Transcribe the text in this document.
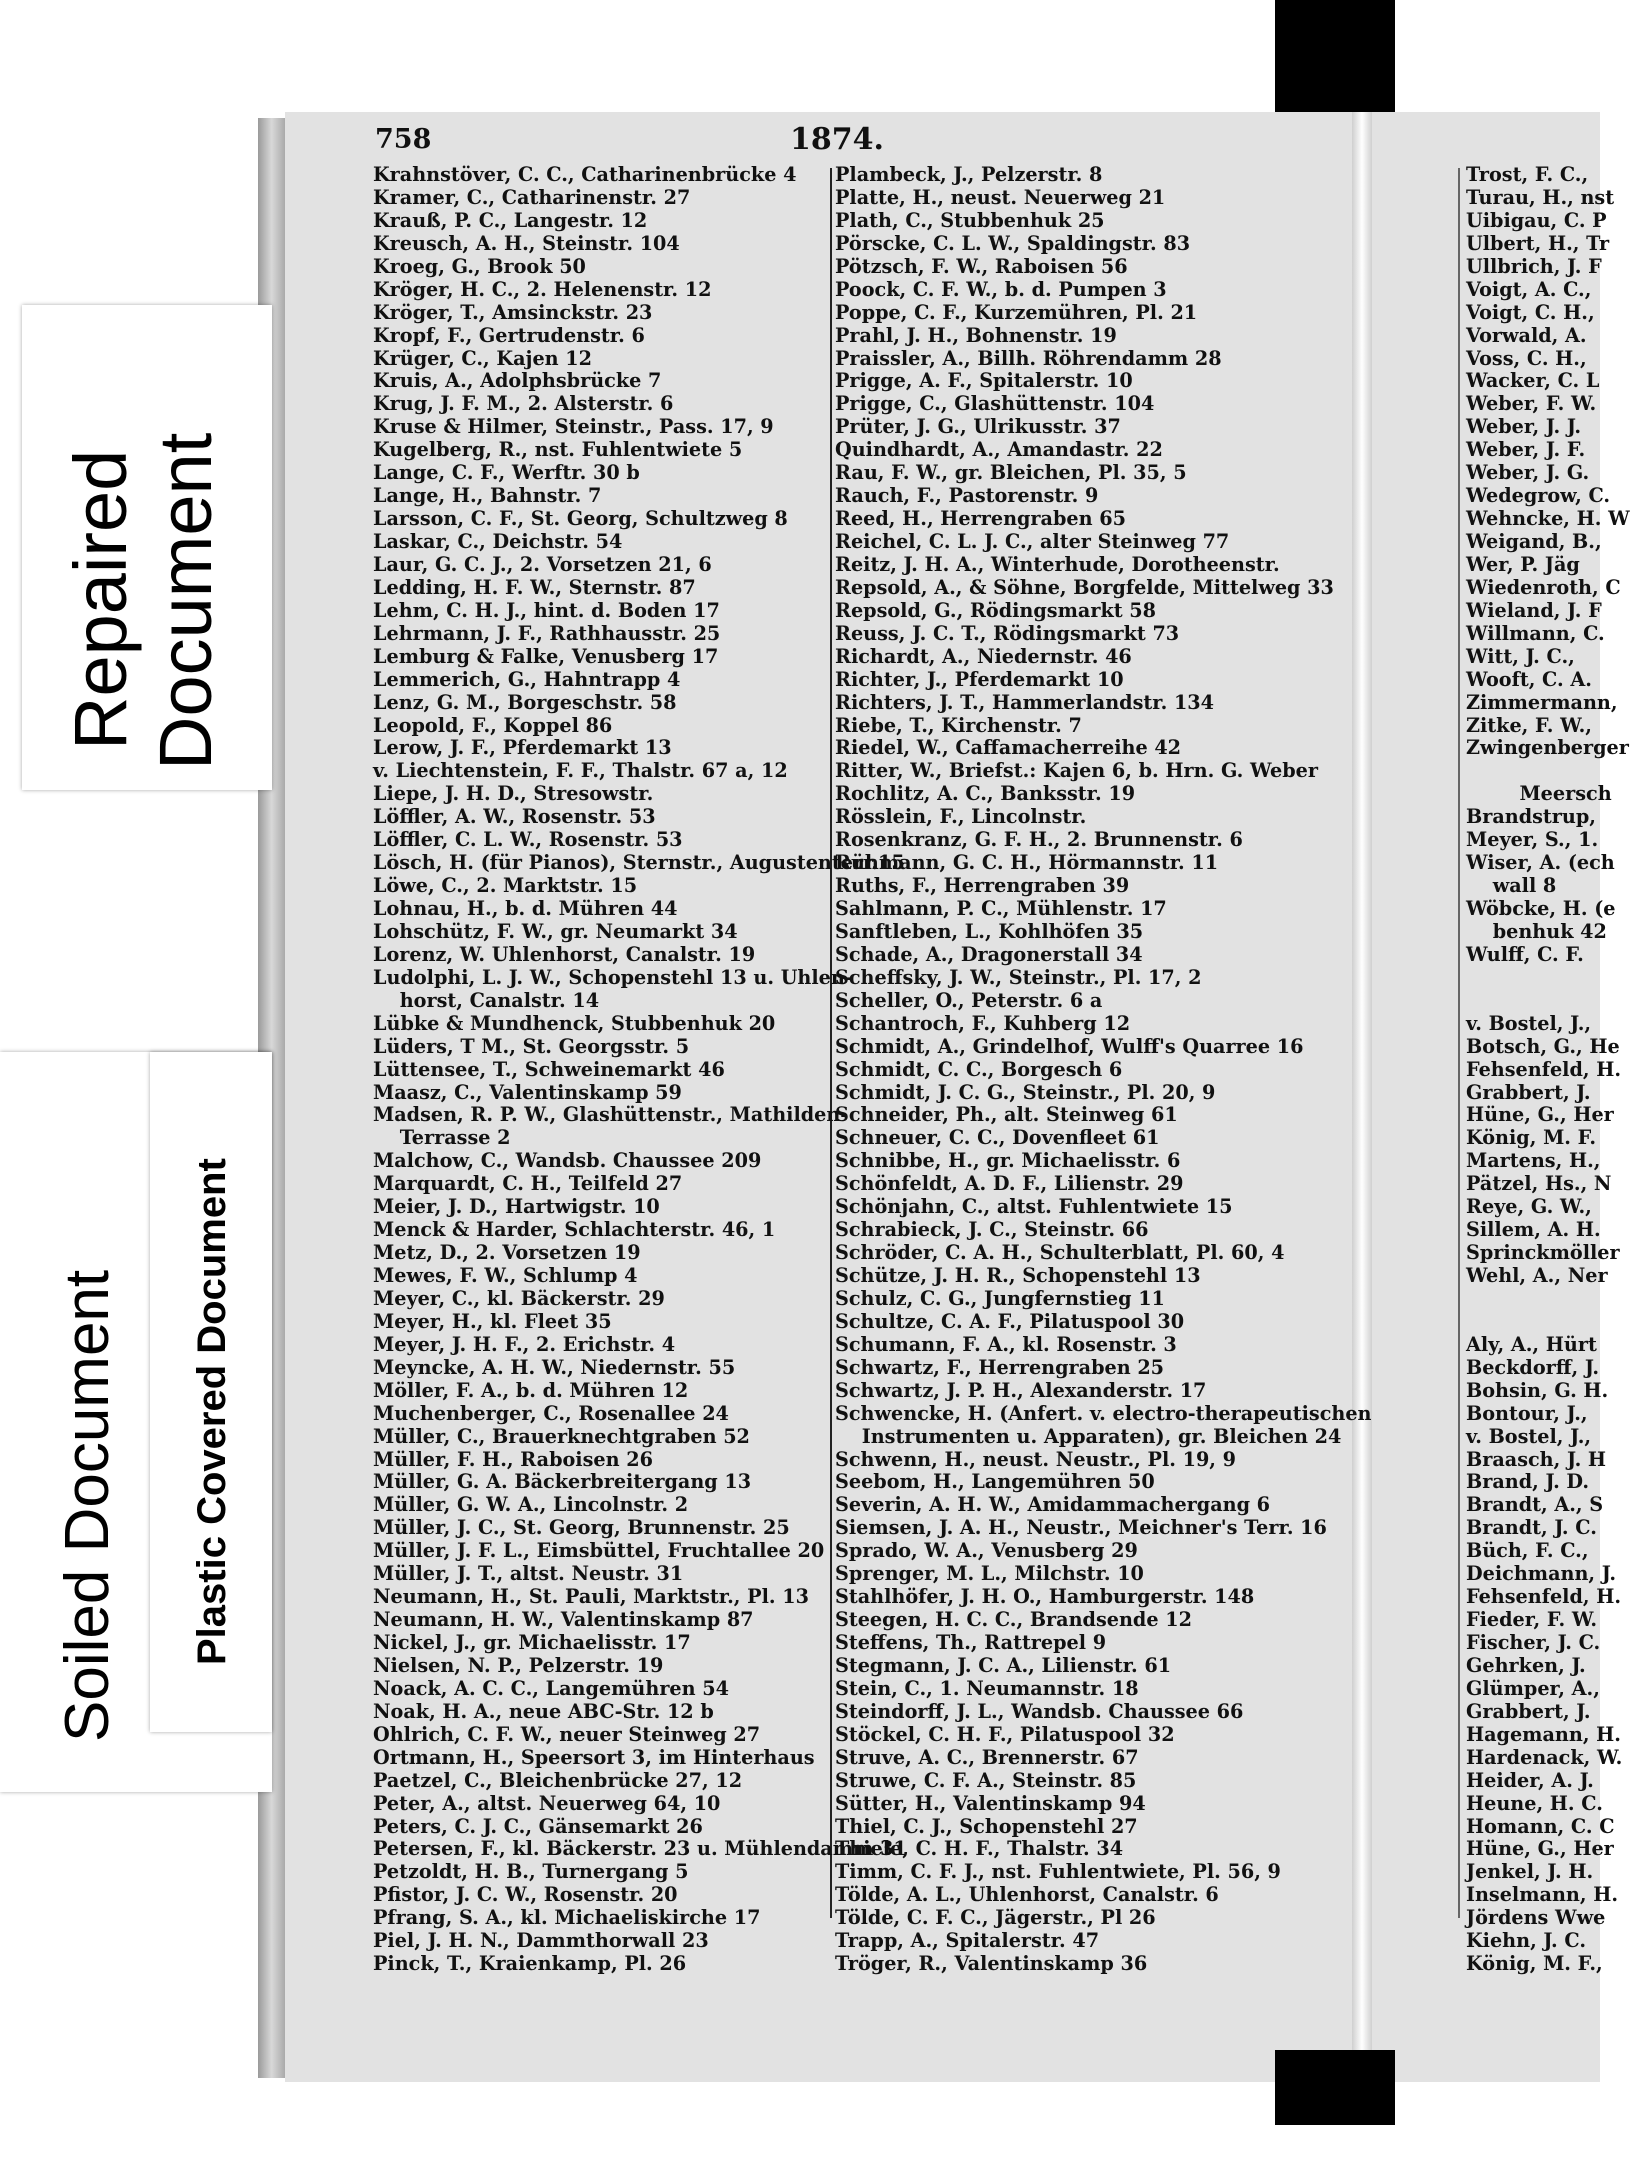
758	1874.
Krahnstöver, C. C., Catharinenbrücke 4
Kramer, C., Catharinenstr. 27
Krauß, P. C., Langestr. 12
Kreusch, A. H., Steinstr. 104
Kroeg, G., Brook 50
Kröger, H. C., 2. Helenenstr. 12
Kröger, T., Amsinckstr. 23
Kropf, F., Gertrudenstr. 6
Krüger, C., Kajen 12
Kruis, A., Adolphsbrücke 7
Krug, J. F. M., 2. Alsterstr. 6
Kruse & Hilmer, Steinstr., Pass. 17, 9
Kugelberg, R., nst. Fuhlentwiete 5
Lange, C. F., Werftr. 30 b
Lange, H., Bahnstr. 7
Larsson, C. F., St. Georg, Schultzweg 8
Laskar, C., Deichstr. 54
Laur, G. C. J., 2. Vorsetzen 21, 6
Ledding, H. F. W., Sternstr. 87
Lehm, C. H. J., hint. d. Boden 17
Lehrmann, J. F., Rathhausstr. 25
Lemburg & Falke, Venusberg 17
Lemmerich, G., Hahntrapp 4
Lenz, G. M., Borgeschstr. 58
Leopold, F., Koppel 86
Lerow, J. F., Pferdemarkt 13
v. Liechtenstein, F. F., Thalstr. 67 a, 12
Liepe, J. H. D., Stresowstr.
Löffler, A. W., Rosenstr. 53
Löffler, C. L. W., Rosenstr. 53
Lösch, H. (für Pianos), Sternstr., Augustenterr.15
Löwe, C., 2. Marktstr. 15
Lohnau, H., b. d. Mühren 44
Lohschütz, F. W., gr. Neumarkt 34
Lorenz, W. Uhlenhorst, Canalstr. 19
Ludolphi, L. J. W., Schopenstehl 13 u. Uhlen-
horst, Canalstr. 14
Lübke & Mundhenck, Stubbenhuk 20
Lüders, T M., St. Georgsstr. 5
Lüttensee, T., Schweinemarkt 46
Maasz, C., Valentinskamp 59
Madsen, R. P. W., Glashüttenstr., Mathilden-
Terrasse 2
Malchow, C., Wandsb. Chaussee 209
Marquardt, C. H., Teilfeld 27
Meier, J. D., Hartwigstr. 10
Menck & Harder, Schlachterstr. 46, 1
Metz, D., 2. Vorsetzen 19
Mewes, F. W., Schlump 4
Meyer, C., kl. Bäckerstr. 29
Meyer, H., kl. Fleet 35
Meyer, J. H. F., 2. Erichstr. 4
Meyncke, A. H. W., Niedernstr. 55
Möller, F. A., b. d. Mühren 12
Muchenberger, C., Rosenallee 24
Müller, C., Brauerknechtgraben 52
Müller, F. H., Raboisen 26
Müller, G. A. Bäckerbreitergang 13
Müller, G. W. A., Lincolnstr. 2
Müller, J. C., St. Georg, Brunnenstr. 25
Müller, J. F. L., Eimsbüttel, Fruchtallee 20
Müller, J. T., altst. Neustr. 31
Neumann, H., St. Pauli, Marktstr., Pl. 13
Neumann, H. W., Valentinskamp 87
Nickel, J., gr. Michaelisstr. 17
Nielsen, N. P., Pelzerstr. 19
Noack, A. C. C., Langemühren 54
Noak, H. A., neue ABC-Str. 12 b
Ohlrich, C. F. W., neuer Steinweg 27
Ortmann, H., Speersort 3, im Hinterhaus
Paetzel, C., Bleichenbrücke 27, 12
Peter, A., altst. Neuerweg 64, 10
Peters, C. J. C., Gänsemarkt 26
Petersen, F., kl. Bäckerstr. 23 u. Mühlendamm 31
Petzoldt, H. B., Turnergang 5
Pfistor, J. C. W., Rosenstr. 20
Pfrang, S. A., kl. Michaeliskirche 17
Piel, J. H. N., Dammthorwall 23
Pinck, T., Kraienkamp, Pl. 26
Plambeck, J., Pelzerstr. 8
Platte, H., neust. Neuerweg 21
Plath, C., Stubbenhuk 25
Pörscke, C. L. W., Spaldingstr. 83
Pötzsch, F. W., Raboisen 56
Poock, C. F. W., b. d. Pumpen 3
Poppe, C. F., Kurzemühren, Pl. 21
Prahl, J. H., Bohnenstr. 19
Praissler, A., Billh. Röhrendamm 28
Prigge, A. F., Spitalerstr. 10
Prigge, C., Glashüttenstr. 104
Prüter, J. G., Ulrikusstr. 37
Quindhardt, A., Amandastr. 22
Rau, F. W., gr. Bleichen, Pl. 35, 5
Rauch, F., Pastorenstr. 9
Reed, H., Herrengraben 65
Reichel, C. L. J. C., alter Steinweg 77
Reitz, J. H. A., Winterhude, Dorotheenstr.
Repsold, A., & Söhne, Borgfelde, Mittelweg 33
Repsold, G., Rödingsmarkt 58
Reuss, J. C. T., Rödingsmarkt 73
Richardt, A., Niedernstr. 46
Richter, J., Pferdemarkt 10
Richters, J. T., Hammerlandstr. 134
Riebe, T., Kirchenstr. 7
Riedel, W., Caffamacherreihe 42
Ritter, W., Briefst.: Kajen 6, b. Hrn. G. Weber
Rochlitz, A. C., Banksstr. 19
Rösslein, F., Lincolnstr.
Rosenkranz, G. F. H., 2. Brunnenstr. 6
Rühmann, G. C. H., Hörmannstr. 11
Ruths, F., Herrengraben 39
Sahlmann, P. C., Mühlenstr. 17
Sanftleben, L., Kohlhöfen 35
Schade, A., Dragonerstall 34
Scheffsky, J. W., Steinstr., Pl. 17, 2
Scheller, O., Peterstr. 6 a
Schantroch, F., Kuhberg 12
Schmidt, A., Grindelhof, Wulff's Quarree 16
Schmidt, C. C., Borgesch 6
Schmidt, J. C. G., Steinstr., Pl. 20, 9
Schneider, Ph., alt. Steinweg 61
Schneuer, C. C., Dovenfleet 61
Schnibbe, H., gr. Michaelisstr. 6
Schönfeldt, A. D. F., Lilienstr. 29
Schönjahn, C., altst. Fuhlentwiete 15
Schrabieck, J. C., Steinstr. 66
Schröder, C. A. H., Schulterblatt, Pl. 60, 4
Schütze, J. H. R., Schopenstehl 13
Schulz, C. G., Jungfernstieg 11
Schultze, C. A. F., Pilatuspool 30
Schumann, F. A., kl. Rosenstr. 3
Schwartz, F., Herrengraben 25
Schwartz, J. P. H., Alexanderstr. 17
Schwencke, H. (Anfert. v. electro-therapeutischen
Instrumenten u. Apparaten), gr. Bleichen 24
Schwenn, H., neust. Neustr., Pl. 19, 9
Seebom, H., Langemühren 50
Severin, A. H. W., Amidammachergang 6
Siemsen, J. A. H., Neustr., Meichner's Terr. 16
Sprado, W. A., Venusberg 29
Sprenger, M. L., Milchstr. 10
Stahlhöfer, J. H. O., Hamburgerstr. 148
Steegen, H. C. C., Brandsende 12
Steffens, Th., Rattrepel 9
Stegmann, J. C. A., Lilienstr. 61
Stein, C., 1. Neumannstr. 18
Steindorff, J. L., Wandsb. Chaussee 66
Stöckel, C. H. F., Pilatuspool 32
Struve, A. C., Brennerstr. 67
Struwe, C. F. A., Steinstr. 85
Sütter, H., Valentinskamp 94
Thiel, C. J., Schopenstehl 27
Thiele, C. H. F., Thalstr. 34
Timm, C. F. J., nst. Fuhlentwiete, Pl. 56, 9
Tölde, A. L., Uhlenhorst, Canalstr. 6
Tölde, C. F. C., Jägerstr., Pl 26
Trapp, A., Spitalerstr. 47
Tröger, R., Valentinskamp 36
Trost, F. C.,
Turau, H., nst
Uibigau, C. P
Ulbert, H., Tr
Ullbrich, J. F
Voigt, A. C.,
Voigt, C. H.,
Vorwald, A.
Voss, C. H.,
Wacker, C. L
Weber, F. W.
Weber, J. J.
Weber, J. F.
Weber, J. G.
Wedegrow, C.
Wehncke, H. W
Weigand, B.,
Wer, P. Jäg
Wiedenroth, C
Wieland, J. F
Willmann, C.
Witt, J. C.,
Wooft, C. A.
Zimmermann,
Zitke, F. W.,
Zwingenberger
Meersch
Brandstrup,
Meyer, S., 1.
Wiser, A. (ech
wall 8
Wöbcke, H. (e
benhuk 42
Wulff, C. F.
v. Bostel, J.,
Botsch, G., He
Fehsenfeld, H.
Grabbert, J.
Hüne, G., Her
König, M. F.
Martens, H.,
Pätzel, Hs., N
Reye, G. W.,
Sillem, A. H.
Sprinckmöller
Wehl, A., Ner
Aly, A., Hürt
Beckdorff, J.
Bohsin, G. H.
Bontour, J.,
v. Bostel, J.,
Braasch, J. H
Brand, J. D.
Brandt, A., S
Brandt, J. C.
Büch, F. C.,
Deichmann, J.
Fehsenfeld, H.
Fieder, F. W.
Fischer, J. C.
Gehrken, J.
Glümper, A.,
Grabbert, J.
Hagemann, H.
Hardenack, W.
Heider, A. J.
Heune, H. C.
Homann, C. C
Hüne, G., Her
Jenkel, J. H.
Inselmann, H.
Jördens Wwe
Kiehn, J. C.
König, M. F.,
Repaired Document
Soiled Document Plastic Covered Document
